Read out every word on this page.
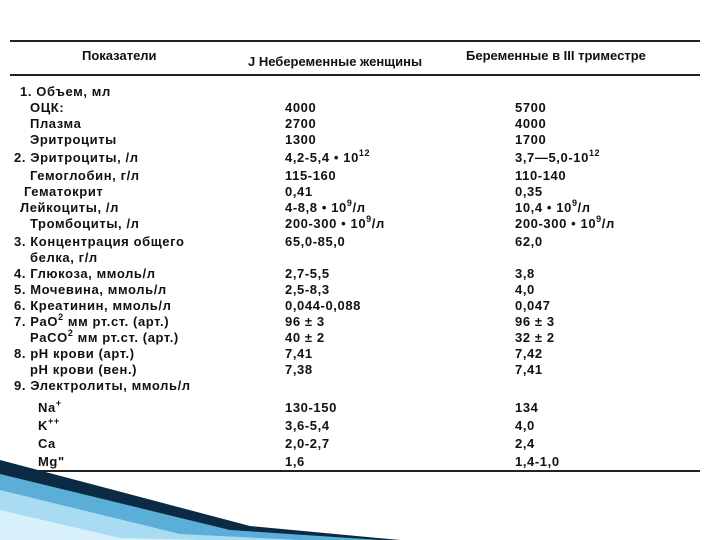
Показатели	J Небеременные женщины	Беременные в III триместре
1. Объем, мл
ОЦК:	4000	5700
Плазма	2700	4000
Эритроциты	1300	1700
2. Эритроциты, /л	4,2-5,4 • $10^{12}$	$3,7—5,0-10^{12}$
Гемоглобин, г/л	115-160	110-140
Гематокрит	0,41	0,35
Лейкоциты, /л	4-8,8 • $10^9/л$	10,4 • $10^9/л$
Тромбоциты, /л	200-300 • $10^9/л$	200-300 • $10^9/л$
3. Концентрация общего	65,0-85,0	62,0
белка, г/л
4. Глюкоза, ммоль/л	2,7-5,5	3,8
5. Мочевина, ммоль/л	2,5-8,3	4,0
6. Креатинин, ммоль/л	0,044-0,088	0,047
7. PaO$^2$ мм рт.ст. (арт.)	96 ± 3	96 ± 3
PaCO$^2$ мм рт.ст. (арт.)	40 ± 2	32 ± 2
8. pH крови (арт.)	7,41	7,42
pH крови (вен.)	7,38	7,41
9. Электролиты, ммоль/л
Na+	130-150	134
K++	3,6-5,4	4,0
Ca	2,0-2,7	2,4
Mg"	1,6	1,4-1,0
